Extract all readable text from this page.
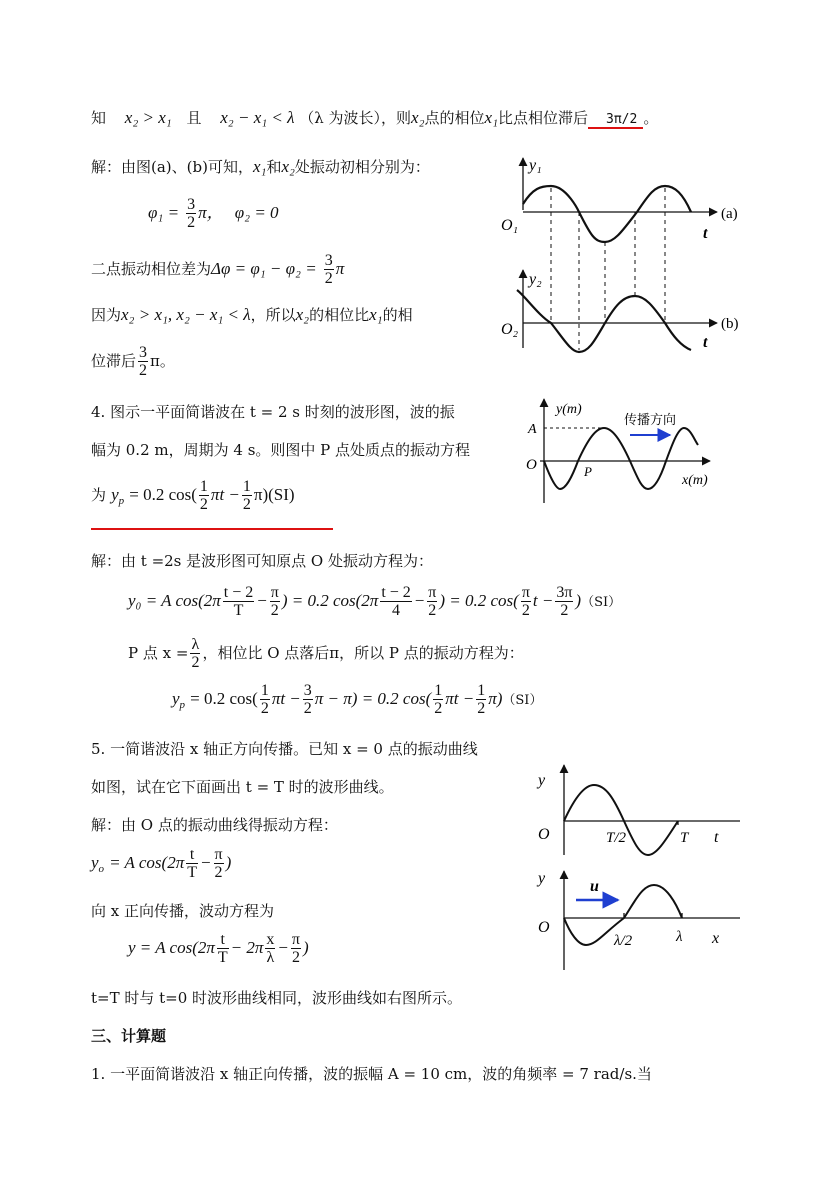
知 x₂ > x₁ 且 x₂ − x₁ < λ （λ 为波长），则x₂点的相位x₁比点相位滞后 3π/2 。
解：由图(a)、(b)可知，x₁和x₂处振动初相分别为：
$\varphi_1 = \frac{3}{2}$ π， φ₂ = 0
二点振动相位差为$\Delta\varphi = \varphi_1 - \varphi_2 = \frac{3}{2}$ π
因为x₂ > x₁, x₂ − x₁ < λ，所以x₂的相位比x₁的相
位滞后 $\frac{3}{2}$ π。
y₁
O₁
(a)
t
y₂
O₂	(b)
t
4. 图示一平面简谐波在 t = 2 s 时刻的波形图，波的振
幅为 0.2 m，周期为 4 s。则图中 P 点处质点的振动方程
为 $y_p = 0.2$ $\cos( \frac{1}{2}$ $\pi t - \frac{1}{2} \pi)(SI)$
y(m)
A
O	P
x(m)
传播方向
解：由 t =2s 是波形图可知原点 O 处振动方程为：
y₀ = A $\cos(2\pi \frac{t - 2}{T} - \frac{\pi}{2}$ ) = 0.2 $\cos(2\pi \frac{t - 2}{4} - \frac{\pi}{2}$ ) = 0.2 $\cos( \frac{\pi}{2}$ $t - \frac{3\pi}{2} )(SI)$
P 点 $x = \frac{\lambda}{2}$ ，相位比 O 点落后π，所以 P 点的振动方程为：
$y_p = 0.2$ $\cos( \frac{1}{2}$ $\pi t - \frac{3}{2}$ π − π) = 0.2 $\cos( \frac{1}{2}$ $\pi t - \frac{1}{2} \pi)(SI)$
5. 一简谐波沿 x 轴正方向传播。已知 x = 0 点的振动曲线
如图，试在它下面画出 t = T 时的波形曲线。
解：由 O 点的振动曲线得振动方程：
$y_o = A$ $\cos(2\pi \frac{t}{T} - \frac{\pi}{2}$ )
向 x 正向传播，波动方程为
y = A $\cos(2\pi \frac{t}{T} - 2\pi \frac{x}{\lambda} - \frac{\pi}{2}$ )
t=T 时与 t=0 时波形曲线相同，波形曲线如右图所示。
y
O	T/2	T t
y	u
O
λ/2	λ x
三、计算题
1. 一平面简谐波沿 x 轴正向传播，波的振幅 A = 10 cm，波的角频率 = 7 rad/s.当
